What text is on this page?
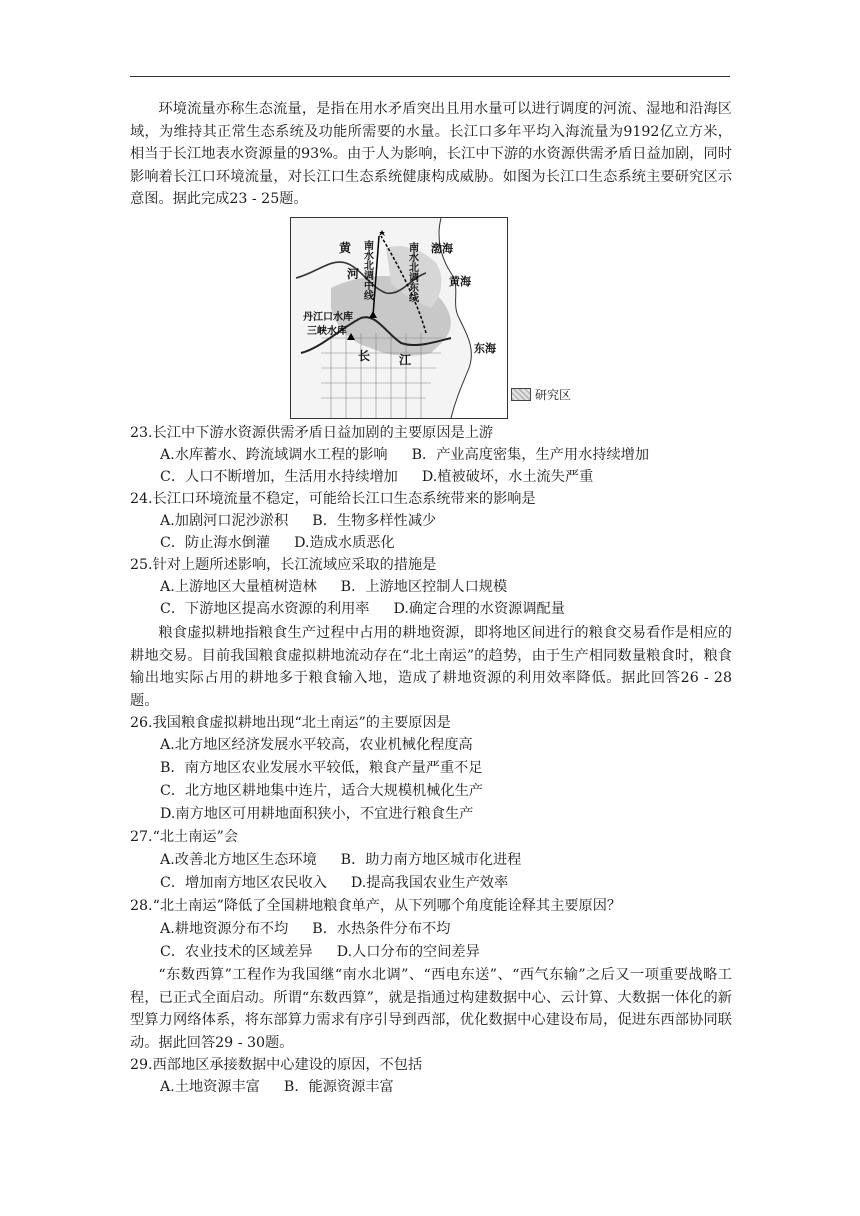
环境流量亦称生态流量，是指在用水矛盾突出且用水量可以进行调度的河流、湿地和沿海区域，为维持其正常生态系统及功能所需要的水量。长江口多年平均入海流量为9192亿立方米，相当于长江地表水资源量的93%。由于人为影响，长江中下游的水资源供需矛盾日益加剧，同时影响着长江口环境流量，对长江口生态系统健康构成威胁。如图为长江口生态系统主要研究区示意图。据此完成23 - 25题。

黄
河
渤海
黄海
丹江口水库
三峡水库
长 江
东海
南水北调中线	南水北调东线
研究区

23.长江中下游水资源供需矛盾日益加剧的主要原因是上游

A.水库蓄水、跨流域调水工程的影响 B．产业高度密集，生产用水持续增加

C．人口不断增加，生活用水持续增加 D.植被破坏，水土流失严重

24.长江口环境流量不稳定，可能给长江口生态系统带来的影响是

A.加剧河口泥沙淤积 B．生物多样性减少

C．防止海水倒灌 D.造成水质恶化

25.针对上题所述影响，长江流域应采取的措施是

A.上游地区大量植树造林 B．上游地区控制人口规模

C．下游地区提高水资源的利用率 D.确定合理的水资源调配量

粮食虚拟耕地指粮食生产过程中占用的耕地资源，即将地区间进行的粮食交易看作是相应的耕地交易。目前我国粮食虚拟耕地流动存在“北土南运”的趋势，由于生产相同数量粮食时，粮食输出地实际占用的耕地多于粮食输入地，造成了耕地资源的利用效率降低。据此回答26 - 28题。

26.我国粮食虚拟耕地出现“北土南运”的主要原因是

A.北方地区经济发展水平较高，农业机械化程度高

B．南方地区农业发展水平较低，粮食产量严重不足

C．北方地区耕地集中连片，适合大规模机械化生产

D.南方地区可用耕地面积狭小，不宜进行粮食生产

27.“北土南运”会

A.改善北方地区生态环境 B．助力南方地区城市化进程

C．增加南方地区农民收入 D.提高我国农业生产效率

28.“北土南运”降低了全国耕地粮食单产，从下列哪个角度能诠释其主要原因？

A.耕地资源分布不均 B．水热条件分布不均

C．农业技术的区域差异 D.人口分布的空间差异

“东数西算”工程作为我国继“南水北调”、“西电东送”、“西气东输”之后又一项重要战略工程，已正式全面启动。所谓“东数西算”，就是指通过构建数据中心、云计算、大数据一体化的新型算力网络体系，将东部算力需求有序引导到西部，优化数据中心建设布局，促进东西部协同联动。据此回答29 - 30题。

29.西部地区承接数据中心建设的原因，不包括

A.土地资源丰富 B．能源资源丰富
